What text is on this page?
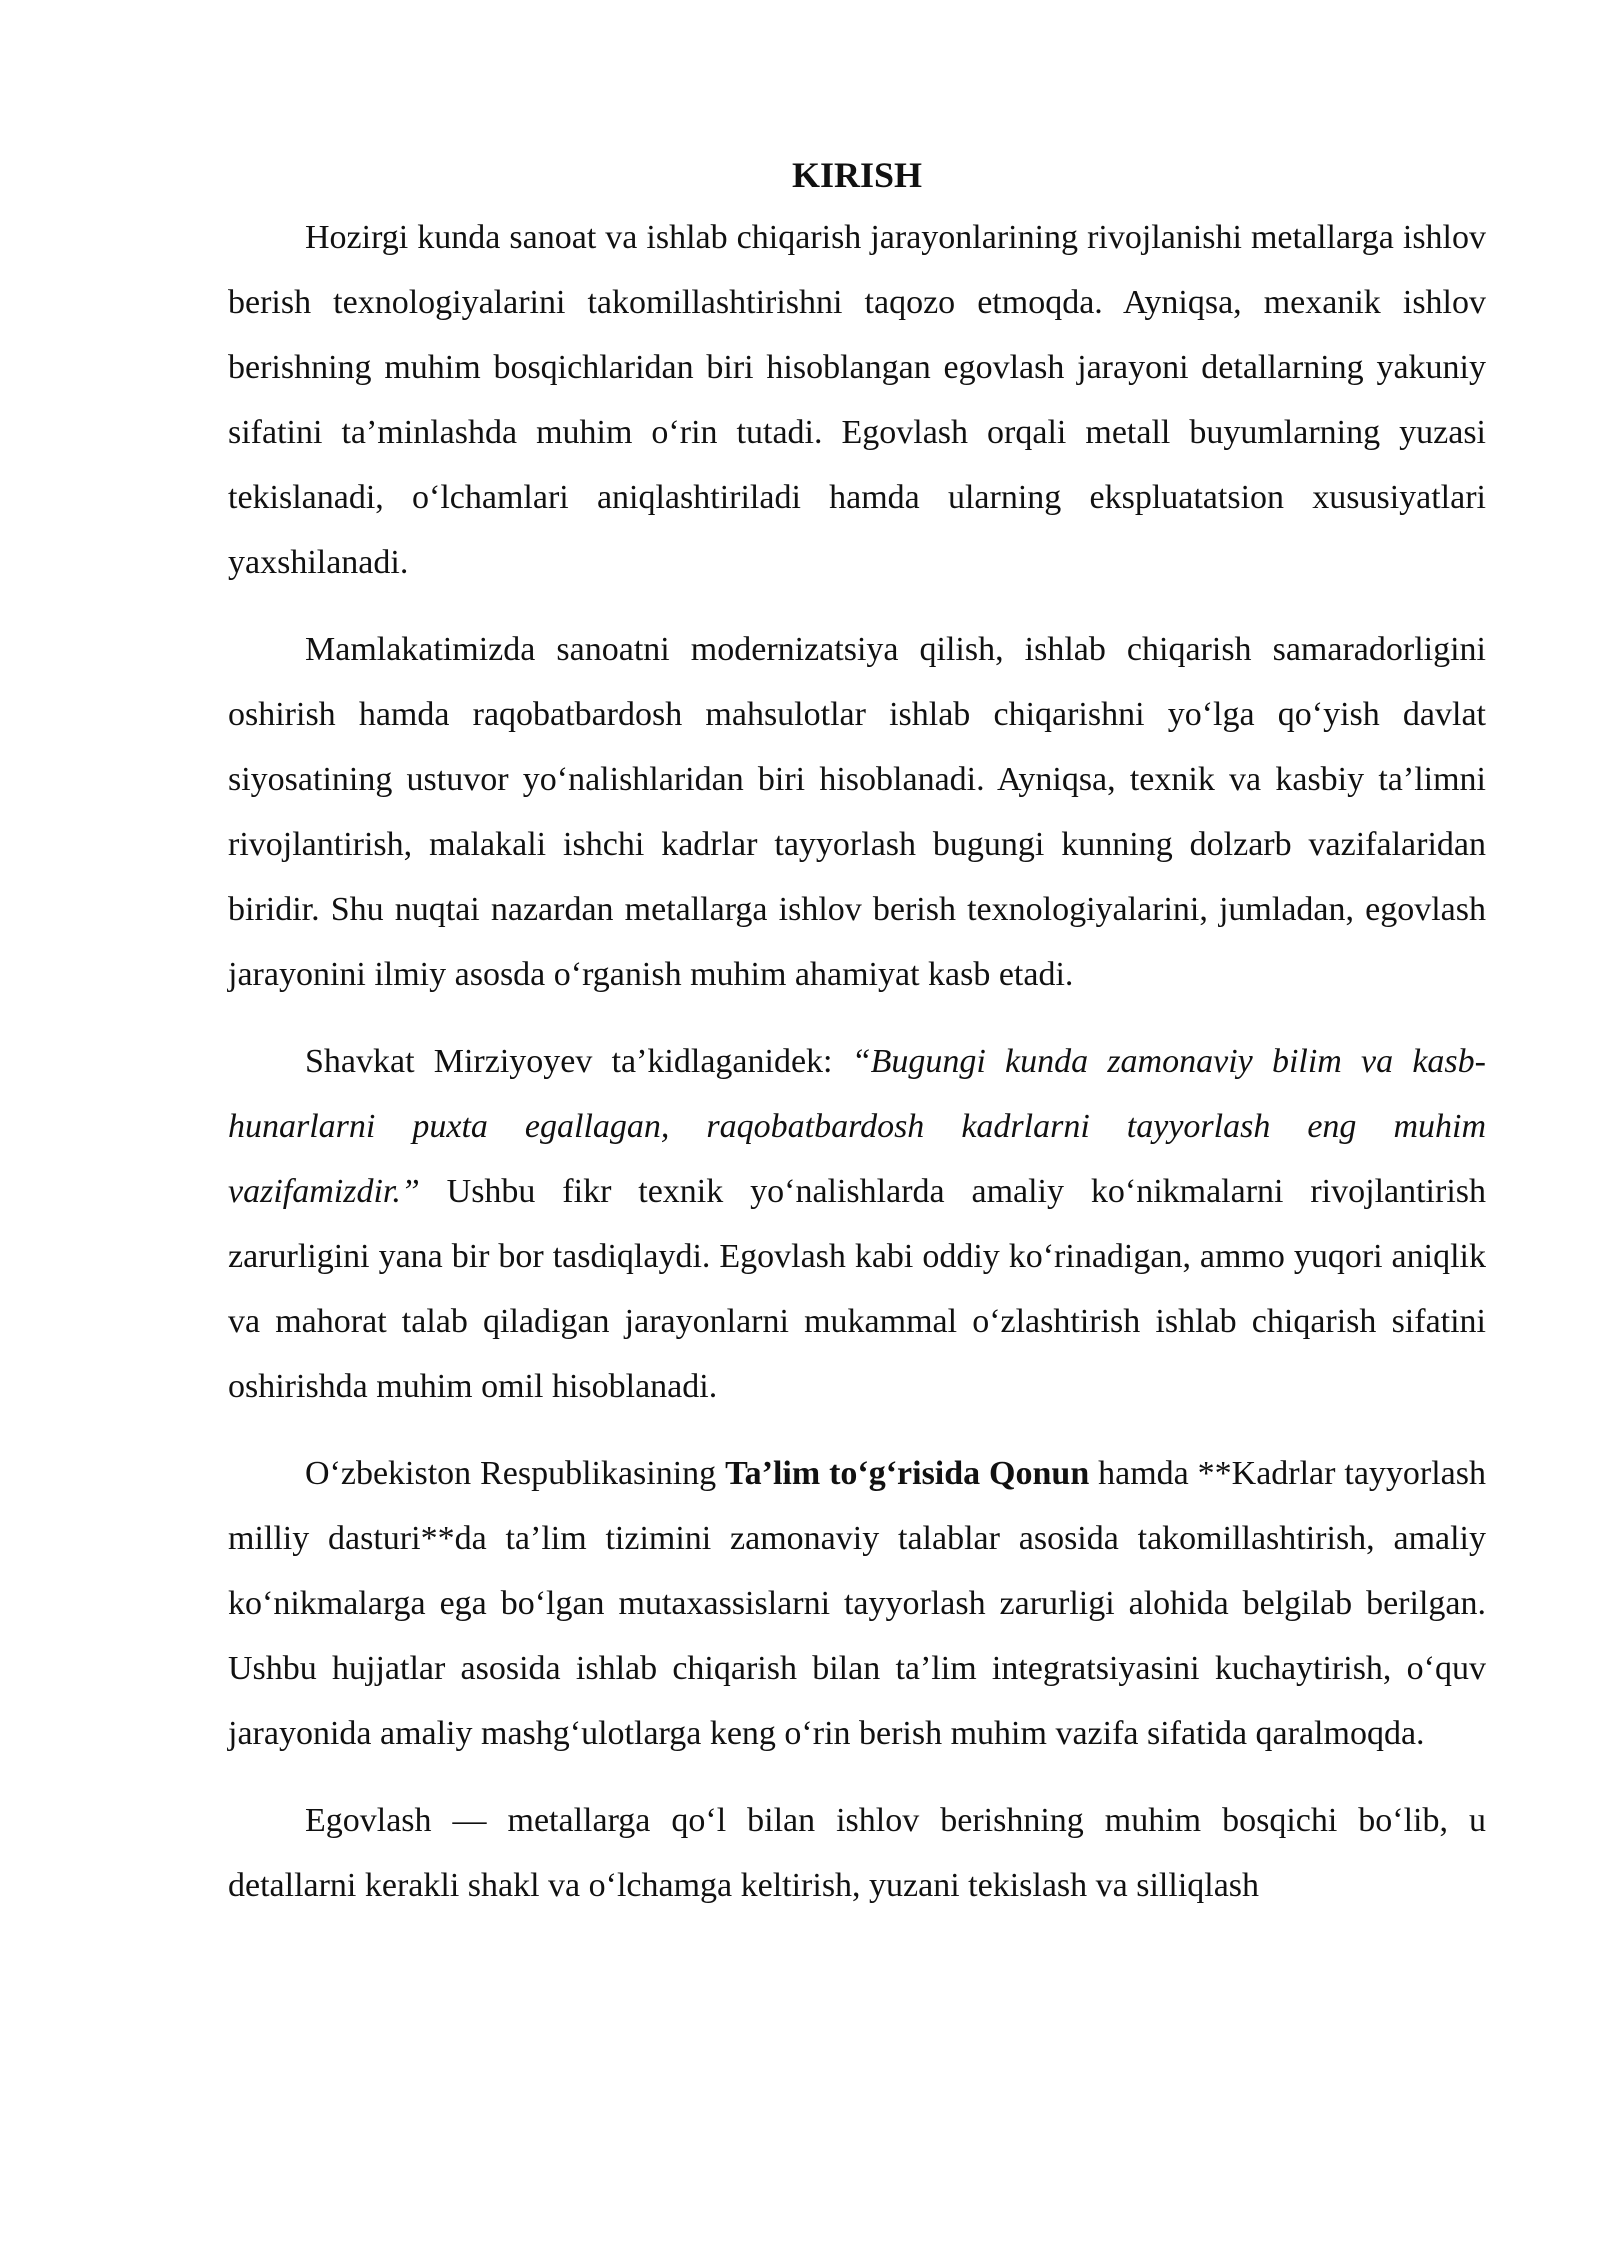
KIRISH

Hozirgi kunda sanoat va ishlab chiqarish jarayonlarining rivojlanishi metallarga ishlov berish texnologiyalarini takomillashtirishni taqozo etmoqda. Ayniqsa, mexanik ishlov berishning muhim bosqichlaridan biri hisoblangan egovlash jarayoni detallarning yakuniy sifatini ta’minlashda muhim o‘rin tutadi. Egovlash orqali metall buyumlarning yuzasi tekislanadi, o‘lchamlari aniqlashtiriladi hamda ularning ekspluatatsion xususiyatlari yaxshilanadi.

Mamlakatimizda sanoatni modernizatsiya qilish, ishlab chiqarish samaradorligini oshirish hamda raqobatbardosh mahsulotlar ishlab chiqarishni yo‘lga qo‘yish davlat siyosatining ustuvor yo‘nalishlaridan biri hisoblanadi. Ayniqsa, texnik va kasbiy ta’limni rivojlantirish, malakali ishchi kadrlar tayyorlash bugungi kunning dolzarb vazifalaridan biridir. Shu nuqtai nazardan metallarga ishlov berish texnologiyalarini, jumladan, egovlash jarayonini ilmiy asosda o‘rganish muhim ahamiyat kasb etadi.

Shavkat Mirziyoyev ta’kidlaganidek: “Bugungi kunda zamonaviy bilim va kasb-hunarlarni puxta egallagan, raqobatbardosh kadrlarni tayyorlash eng muhim vazifamizdir.” Ushbu fikr texnik yo‘nalishlarda amaliy ko‘nikmalarni rivojlantirish zarurligini yana bir bor tasdiqlaydi. Egovlash kabi oddiy ko‘rinadigan, ammo yuqori aniqlik va mahorat talab qiladigan jarayonlarni mukammal o‘zlashtirish ishlab chiqarish sifatini oshirishda muhim omil hisoblanadi.

O‘zbekiston Respublikasining Ta’lim to‘g‘risida Qonun hamda **Kadrlar tayyorlash milliy dasturi**da ta’lim tizimini zamonaviy talablar asosida takomillashtirish, amaliy ko‘nikmalarga ega bo‘lgan mutaxassislarni tayyorlash zarurligi alohida belgilab berilgan. Ushbu hujjatlar asosida ishlab chiqarish bilan ta’lim integratsiyasini kuchaytirish, o‘quv jarayonida amaliy mashg‘ulotlarga keng o‘rin berish muhim vazifa sifatida qaralmoqda.

Egovlash — metallarga qo‘l bilan ishlov berishning muhim bosqichi bo‘lib, u detallarni kerakli shakl va o‘lchamga keltirish, yuzani tekislash va silliqlash
